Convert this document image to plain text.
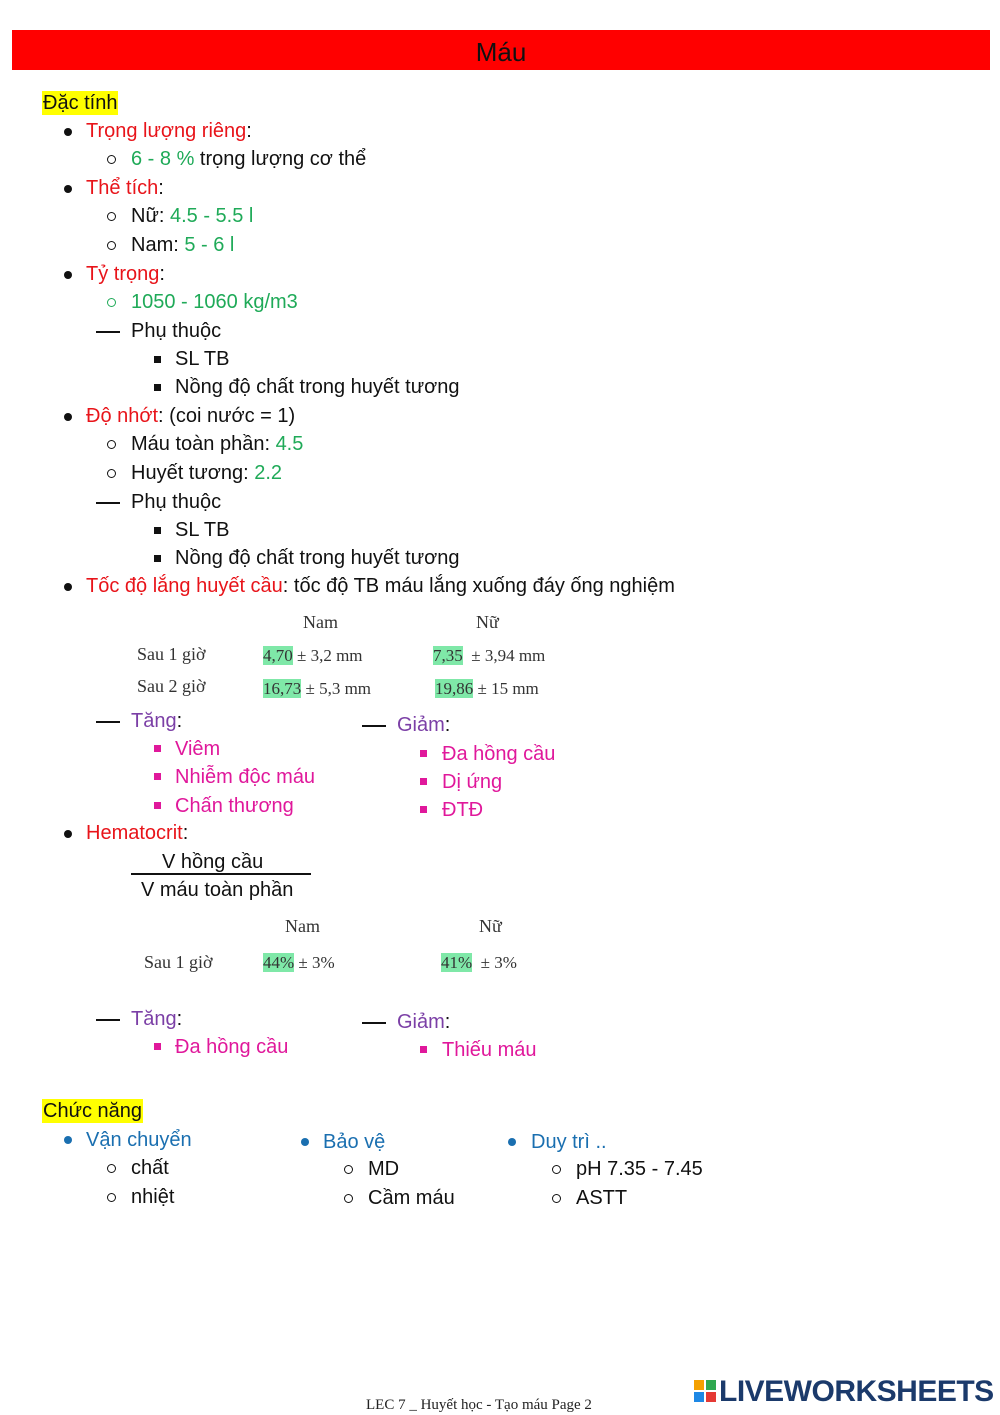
Máu
Đặc tính
Trọng lượng riêng:
6 - 8 % trọng lượng cơ thể
Thể tích:
Nữ: 4.5 - 5.5 l
Nam: 5 - 6 l
Tỷ trọng:
1050 - 1060 kg/m3
Phụ thuộc
SL TB
Nồng độ chất trong huyết tương
Độ nhớt: (coi nước = 1)
Máu toàn phần: 4.5
Huyết tương: 2.2
Phụ thuộc
SL TB
Nồng độ chất trong huyết tương
Tốc độ lắng huyết cầu: tốc độ TB máu lắng xuống đáy ống nghiệm
Nam	Nữ
Sau 1 giờ	4,70 ± 3,2 mm	7,35  ± 3,94 mm
Sau 2 giờ	16,73 ± 5,3 mm	19,86 ± 15 mm
Tăng:
Viêm
Nhiễm độc máu
Chấn thương
Giảm:
Đa hồng cầu
Dị ứng
ĐTĐ
Hematocrit:
V hồng cầu
V máu toàn phần
Nam	Nữ
Sau 1 giờ	44% ± 3%	41%  ± 3%
Tăng:
Đa hồng cầu
Giảm:
Thiếu máu
Chức năng
Vận chuyển
chất
nhiệt
Bảo vệ
MD
Cầm máu
Duy trì ..
pH 7.35 - 7.45
ASTT
LEC 7 _ Huyết học - Tạo máu Page 2	LIVEWORKSHEETS
